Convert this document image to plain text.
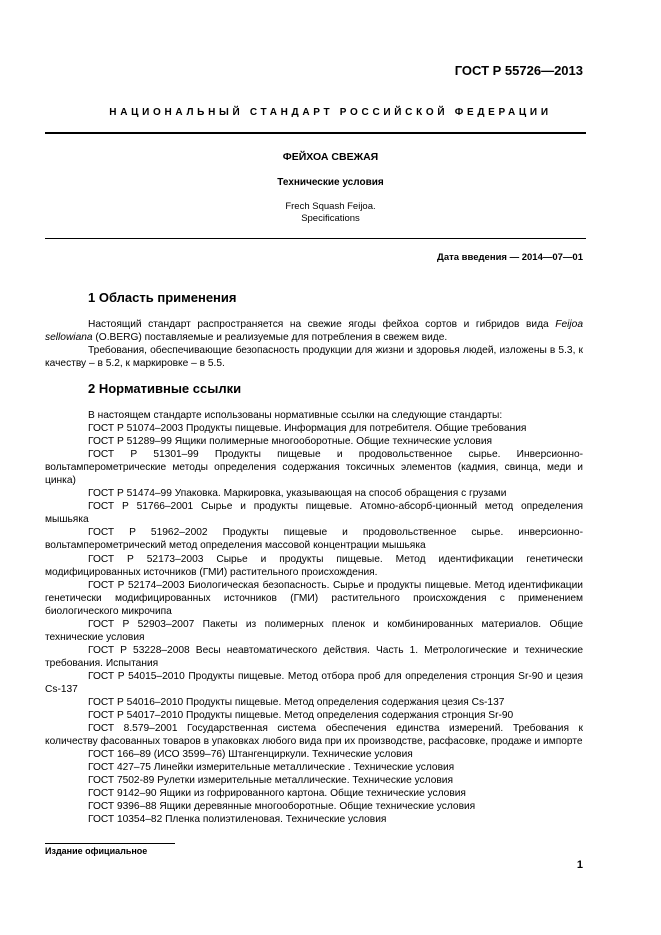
ГОСТ Р 55726—2013
НАЦИОНАЛЬНЫЙ СТАНДАРТ РОССИЙСКОЙ ФЕДЕРАЦИИ
ФЕЙХОА СВЕЖАЯ
Технические условия
Frech Squash Feijoa.
Specifications
Дата введения — 2014—07—01
1 Область применения

Настоящий стандарт распространяется на свежие ягоды фейхоа сортов и гибридов вида Feijoa sellowiana (O.BERG) поставляемые и реализуемые для потребления в свежем виде.

Требования, обеспечивающие безопасность продукции для жизни и здоровья людей, изложены в 5.3, к качеству – в 5.2, к маркировке – в 5.5.

2 Нормативные ссылки

В настоящем стандарте использованы нормативные ссылки на следующие стандарты:

ГОСТ Р 51074–2003 Продукты пищевые. Информация для потребителя. Общие требования

ГОСТ Р 51289–99 Ящики полимерные многооборотные. Общие технические условия

ГОСТ Р 51301–99 Продукты пищевые и продовольственное сырье. Инверсионно-вольтамперометрические методы определения содержания токсичных элементов (кадмия, свинца, меди и цинка)

ГОСТ Р 51474–99 Упаковка. Маркировка, указывающая на способ обращения с грузами

ГОСТ Р 51766–2001 Сырье и продукты пищевые. Атомно-абсорб-ционный метод определения мышьяка

ГОСТ Р 51962–2002 Продукты пищевые и продовольственное сырье. инверсионно-вольтамперометрический метод определения массовой концентрации мышьяка

ГОСТ Р 52173–2003 Сырье и продукты пищевые. Метод идентификации генетически модифицированных источников (ГМИ) растительного происхождения.

ГОСТ Р 52174–2003 Биологическая безопасность. Сырье и продукты пищевые. Метод идентификации генетически модифицированных источников (ГМИ) растительного происхождения с применением биологического микрочипа

ГОСТ Р 52903–2007 Пакеты из полимерных пленок и комбинированных материалов. Общие технические условия

ГОСТ Р 53228–2008 Весы неавтоматического действия. Часть 1. Метрологические и технические требования. Испытания

ГОСТ Р 54015–2010 Продукты пищевые. Метод отбора проб для определения стронция Sr-90 и цезия Cs-137

ГОСТ Р 54016–2010 Продукты пищевые. Метод определения содержания цезия Cs-137

ГОСТ Р 54017–2010 Продукты пищевые. Метод определения содержания стронция Sr-90

ГОСТ 8.579–2001 Государственная система обеспечения единства измерений. Требования к количеству фасованных товаров в упаковках любого вида при их производстве, расфасовке, продаже и импорте

ГОСТ 166–89 (ИСО 3599–76) Штангенциркули. Технические условия

ГОСТ 427–75 Линейки измерительные металлические . Технические условия

ГОСТ 7502-89 Рулетки измерительные металлические. Технические условия

ГОСТ 9142–90 Ящики из гофрированного картона. Общие технические условия

ГОСТ 9396–88 Ящики деревянные многооборотные. Общие технические условия

ГОСТ 10354–82 Пленка полиэтиленовая. Технические условия

Издание официальное
1
